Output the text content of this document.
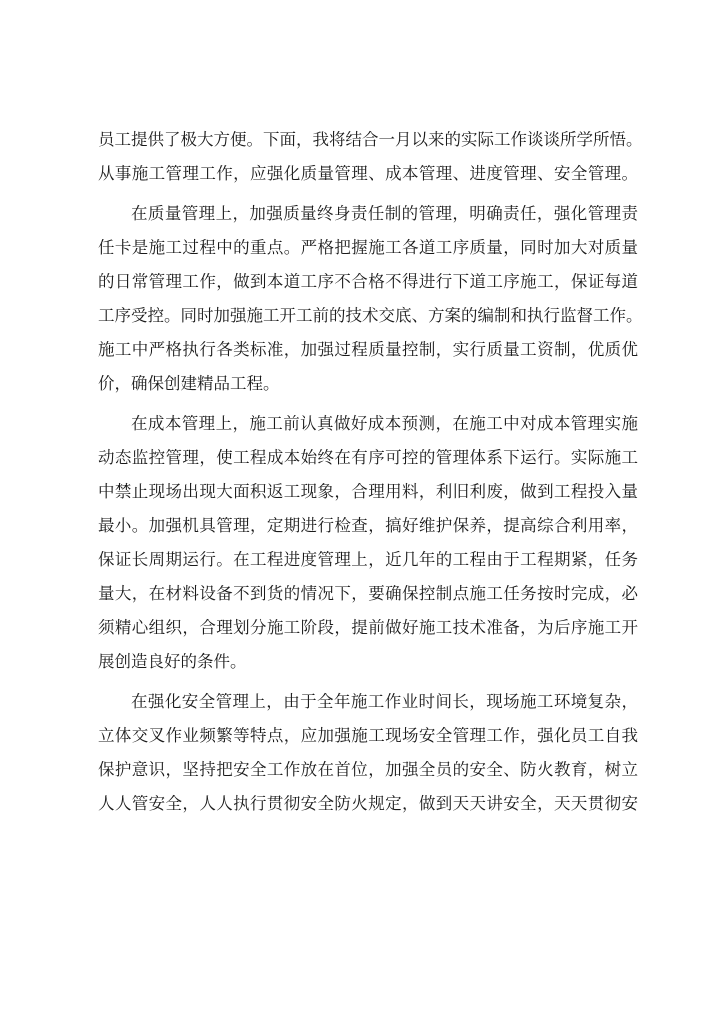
员工提供了极大方便。下面，我将结合一月以来的实际工作谈谈所学所悟。
从事施工管理工作，应强化质量管理、成本管理、进度管理、安全管理。
在质量管理上，加强质量终身责任制的管理，明确责任，强化管理责
任卡是施工过程中的重点。严格把握施工各道工序质量，同时加大对质量
的日常管理工作，做到本道工序不合格不得进行下道工序施工，保证每道
工序受控。同时加强施工开工前的技术交底、方案的编制和执行监督工作。
施工中严格执行各类标准，加强过程质量控制，实行质量工资制，优质优
价，确保创建精品工程。
在成本管理上，施工前认真做好成本预测，在施工中对成本管理实施
动态监控管理，使工程成本始终在有序可控的管理体系下运行。实际施工
中禁止现场出现大面积返工现象，合理用料，利旧利废，做到工程投入量
最小。加强机具管理，定期进行检查，搞好维护保养，提高综合利用率，
保证长周期运行。在工程进度管理上，近几年的工程由于工程期紧，任务
量大，在材料设备不到货的情况下，要确保控制点施工任务按时完成，必
须精心组织，合理划分施工阶段，提前做好施工技术准备，为后序施工开
展创造良好的条件。
在强化安全管理上，由于全年施工作业时间长，现场施工环境复杂，
立体交叉作业频繁等特点，应加强施工现场安全管理工作，强化员工自我
保护意识，坚持把安全工作放在首位，加强全员的安全、防火教育，树立
人人管安全，人人执行贯彻安全防火规定，做到天天讲安全，天天贯彻安
